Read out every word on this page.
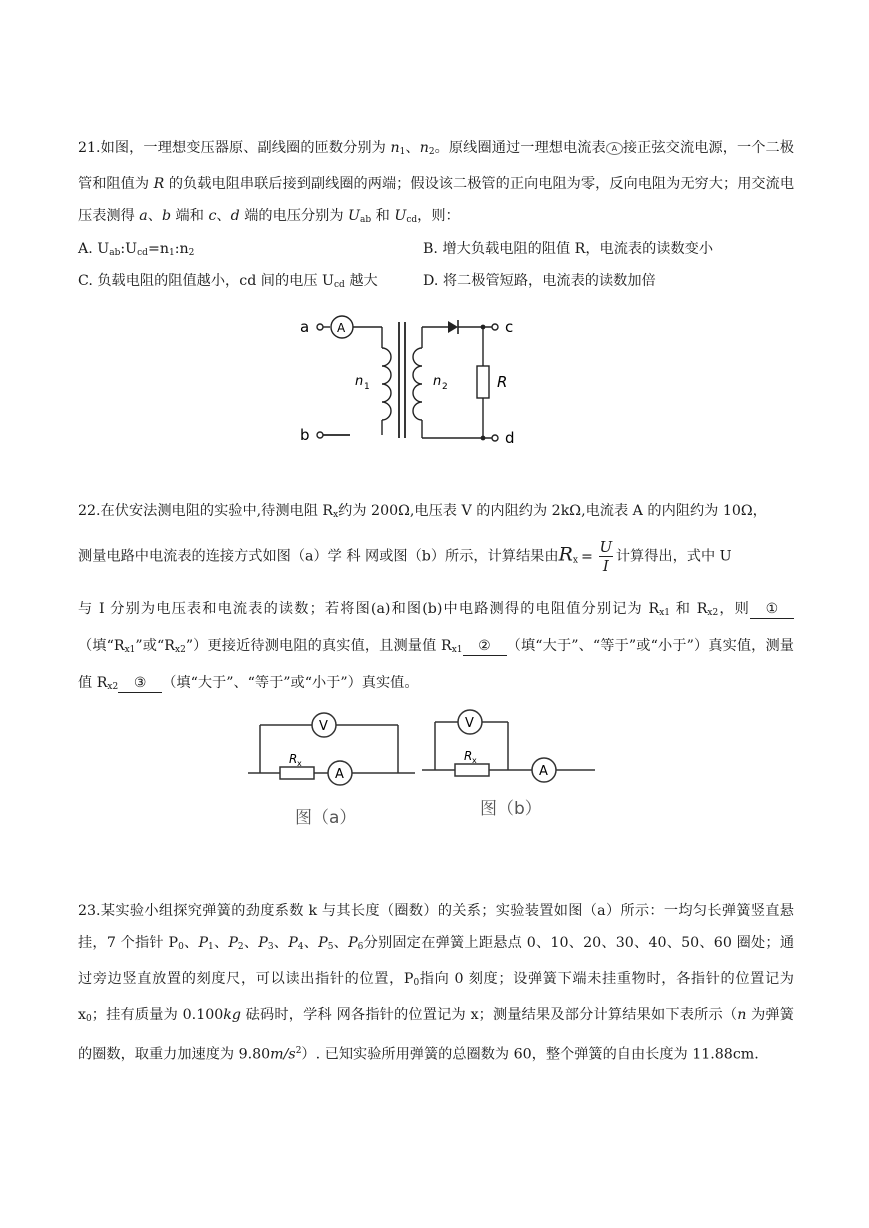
21.如图，一理想变压器原、副线圈的匝数分别为 $n_1$、$n_2$。原线圈通过一理想电流表 A 接正弦交流电源，一个二极管和阻值为 R 的负载电阻串联后接到副线圈的两端；假设该二极管的正向电阻为零，反向电阻为无穷大；用交流电压表测得 a、b 端和 c、d 端的电压分别为 $U_{ab}$ 和 $U_{cd}$，则：
A. $U_{ab}:U_{cd}=n_1:n_2$	B. 增大负载电阻的阻值 R，电流表的读数变小
C. 负载电阻的阻值越小，cd 间的电压 $U_{cd}$ 越大	D. 将二极管短路，电流表的读数加倍
a
b
c
d
A
n 1	n 2	R
22.在伏安法测电阻的实验中,待测电阻 $R_x$约为 200Ω,电压表 V 的内阻约为 2kΩ,电流表 A 的内阻约为 10Ω，
测量电路中电流表的连接方式如图（a）学 科 网或图（b）所示，计算结果由$R_x = \frac{U}{I}$ 计算得出，式中 U
与 I 分别为电压表和电流表的读数；若将图(a)和图(b)中电路测得的电阻值分别记为 $R_{x1}$ 和 $R_{x2}$，则 ①（填“$R_{x1}$”或“$R_{x2}$”）更接近待测电阻的真实值，且测量值 $R_{x1}$ ② （填“大于”、“等于”或“小于”）真实值，测量值 $R_{x2}$ ③ （填“大于”、“等于”或“小于”）真实值。
V
A
R x
V
A
R x
图（a）	图（b）
23.某实验小组探究弹簧的劲度系数 k 与其长度（圈数）的关系；实验装置如图（a）所示：一均匀长弹簧竖直悬挂，7 个指针 $P_0$、$P_1$、$P_2$、$P_3$、$P_4$、$P_5$、$P_6$分别固定在弹簧上距悬点 0、10、20、30、40、50、60 圈处；通过旁边竖直放置的刻度尺，可以读出指针的位置，$P_0$指向 0 刻度；设弹簧下端未挂重物时，各指针的位置记为 $x_0$；挂有质量为 0.100kg 砝码时，学科 网各指针的位置记为 x；测量结果及部分计算结果如下表所示（n 为弹簧的圈数，取重力加速度为 $9.80m/s^2$）. 已知实验所用弹簧的总圈数为 60，整个弹簧的自由长度为 11.88cm.
